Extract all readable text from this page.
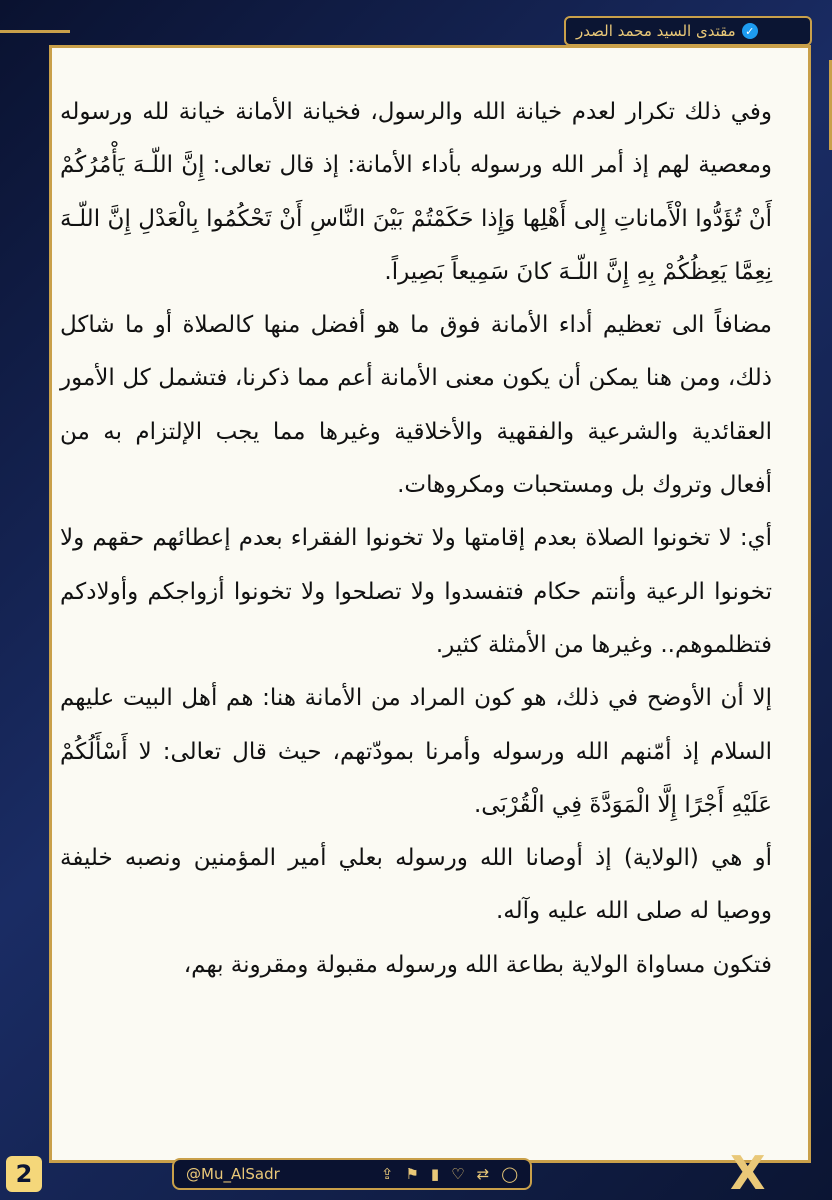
✓
مقتدى السيد محمد الصدر

وفي ذلك تكرار لعدم خيانة الله والرسول، فخيانة الأمانة خيانة لله ورسوله ومعصية لهم إذ أمر الله ورسوله بأداء الأمانة: إذ قال تعالى: إِنَّ اللّـهَ يَأْمُرُكُمْ أَنْ تُؤَدُّوا الْأَماناتِ إِلى أَهْلِها وَإِذا حَكَمْتُمْ بَيْنَ النَّاسِ أَنْ تَحْكُمُوا بِالْعَدْلِ إِنَّ اللّـهَ نِعِمَّا يَعِظُكُمْ بِهِ إِنَّ اللّـهَ كانَ سَمِيعاً بَصِيراً.

مضافاً الى تعظيم أداء الأمانة فوق ما هو أفضل منها كالصلاة أو ما شاكل ذلك، ومن هنا يمكن أن يكون معنى الأمانة أعم مما ذكرنا، فتشمل كل الأمور العقائدية والشرعية والفقهية والأخلاقية وغيرها مما يجب الإلتزام به من أفعال وتروك بل ومستحبات ومكروهات.

أي: لا تخونوا الصلاة بعدم إقامتها ولا تخونوا الفقراء بعدم إعطائهم حقهم ولا تخونوا الرعية وأنتم حكام فتفسدوا ولا تصلحوا ولا تخونوا أزواجكم وأولادكم فتظلموهم.. وغيرها من الأمثلة كثير.

إلا أن الأوضح في ذلك، هو كون المراد من الأمانة هنا: هم أهل البيت عليهم السلام إذ أمّنهم الله ورسوله وأمرنا بمودّتهم، حيث قال تعالى: لا أَسْأَلُكُمْ عَلَيْهِ أَجْرًا إِلَّا الْمَوَدَّةَ فِي الْقُرْبَى.

أو هي (الولاية) إذ أوصانا الله ورسوله بعلي أمير المؤمنين ونصبه خليفة ووصيا له صلى الله عليه وآله.

فتكون مساواة الولاية بطاعة الله ورسوله مقبولة ومقرونة بهم،

2	@Mu_AlSadr	⇪ ⚑ ▮ ♡ ⇄ ◯	X
